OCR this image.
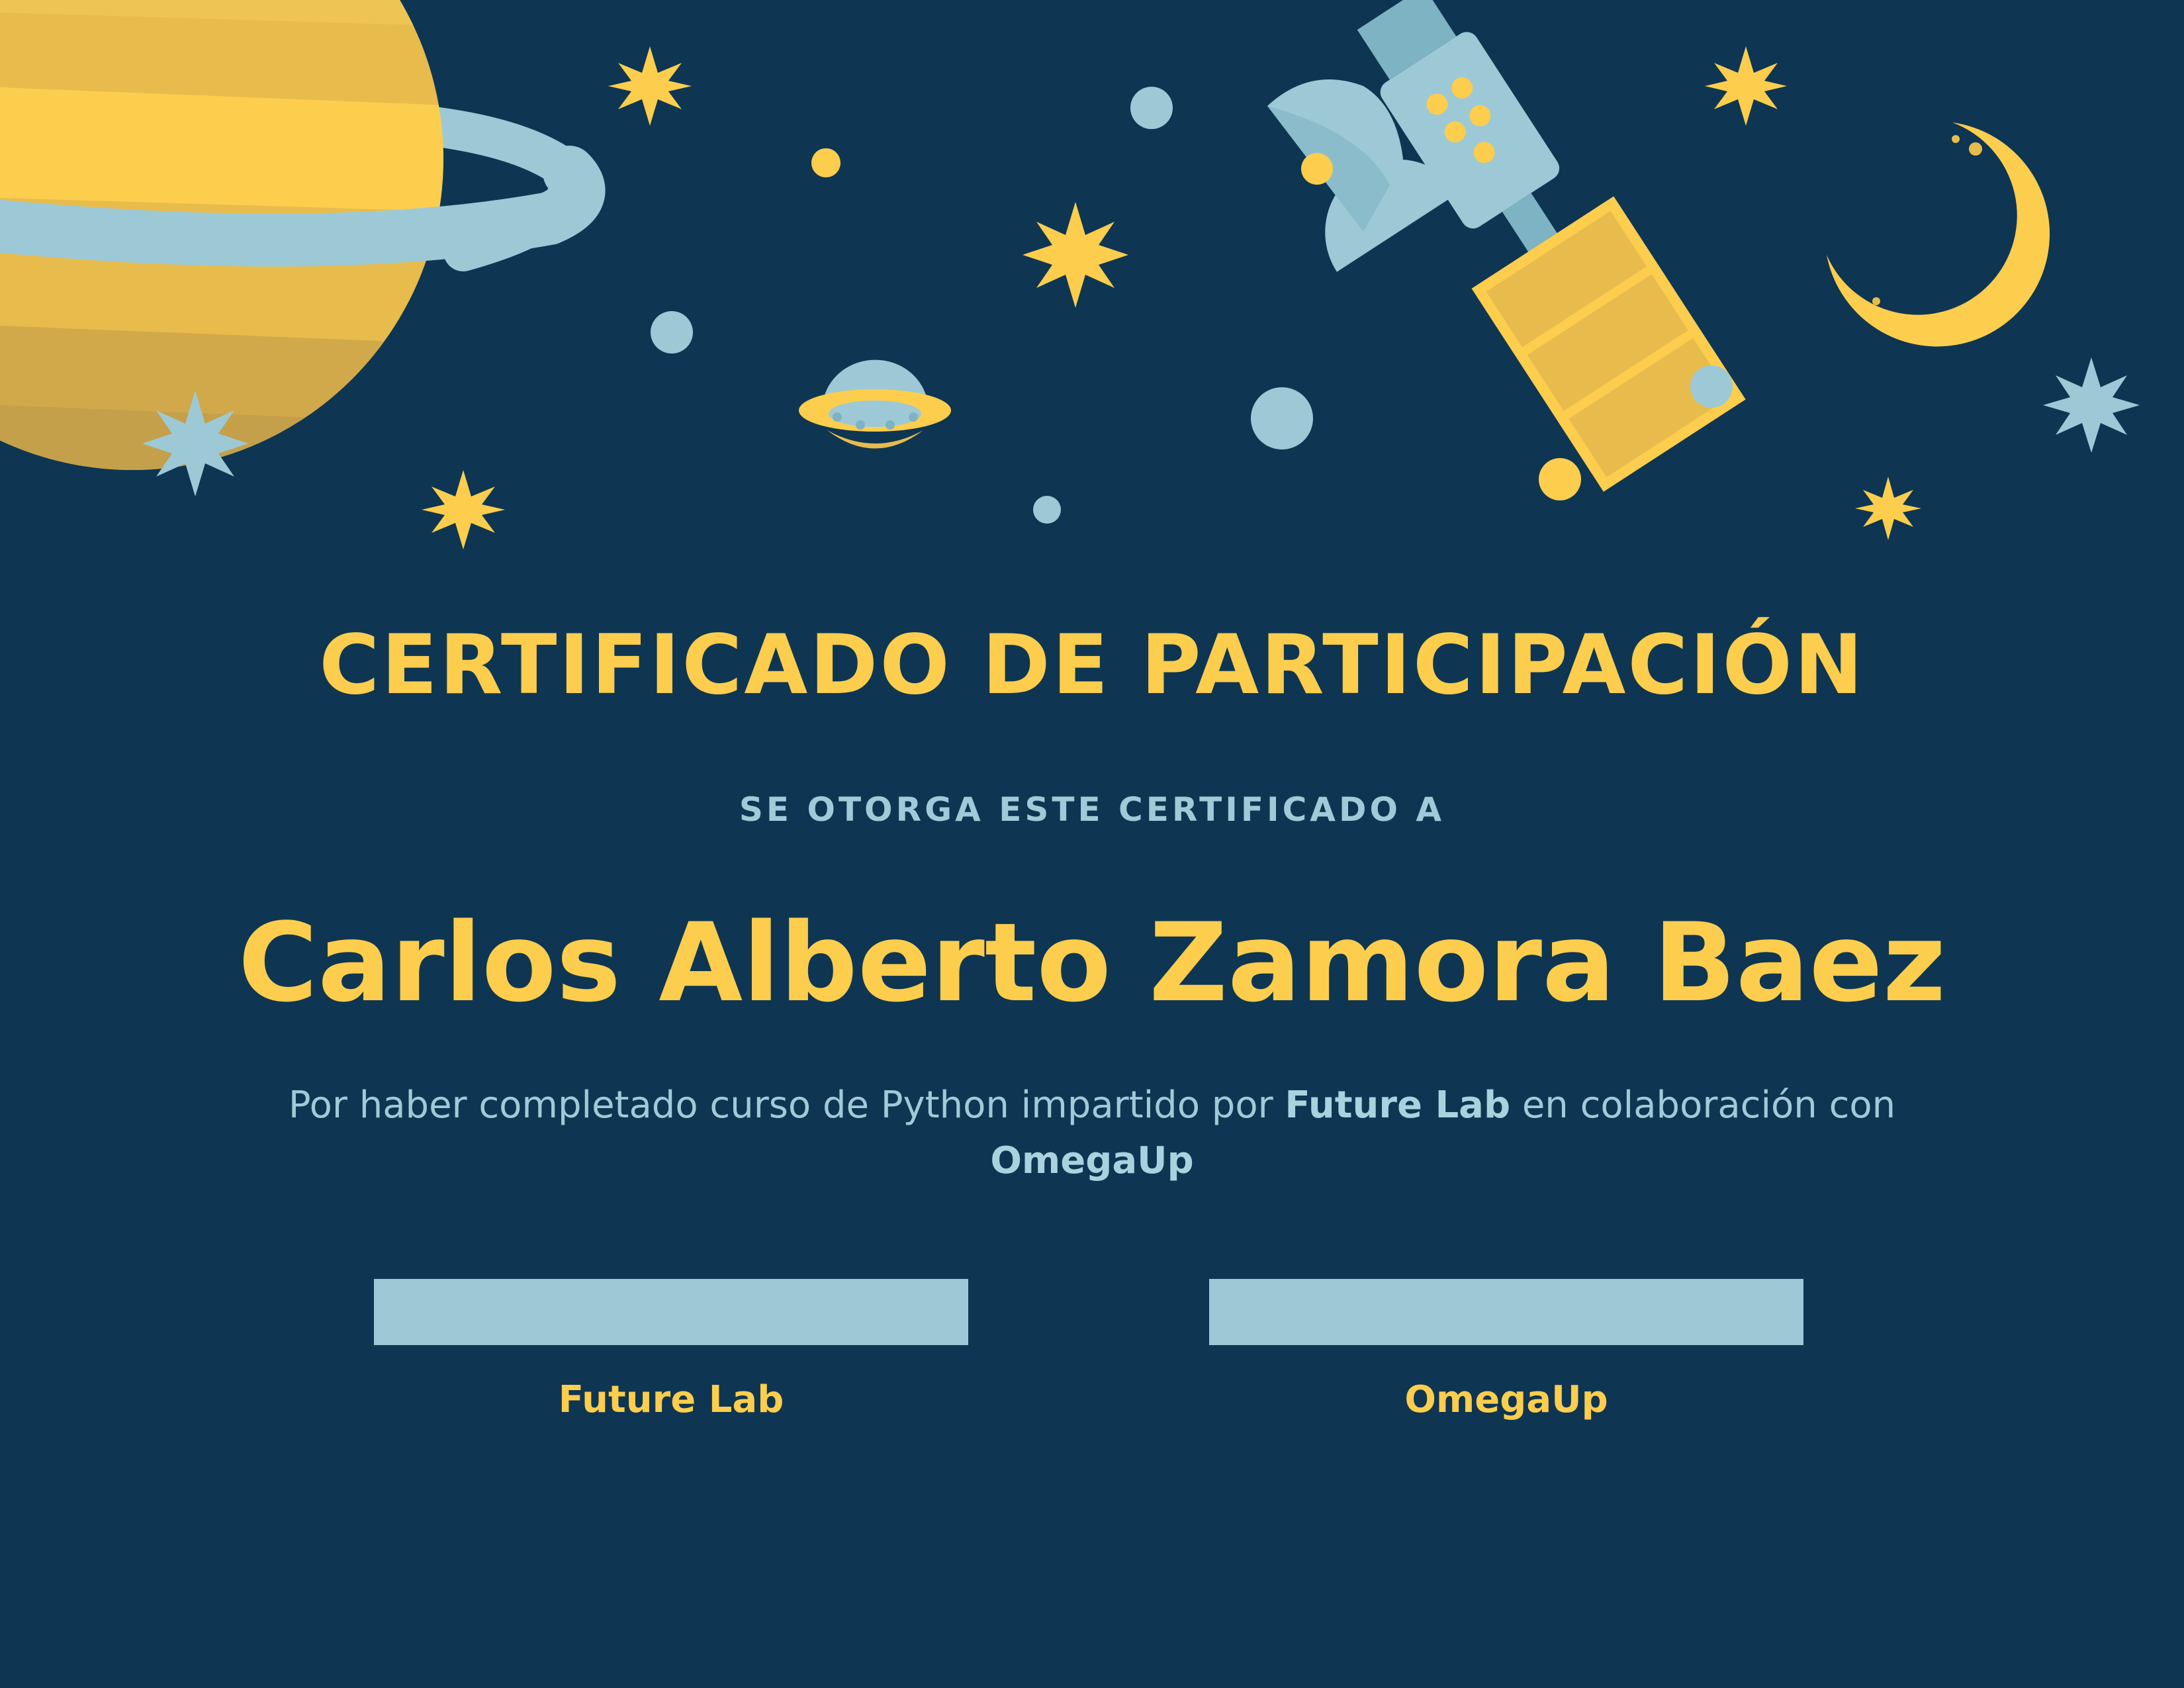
CERTIFICADO DE PARTICIPACIÓN
SE OTORGA ESTE CERTIFICADO A
Carlos Alberto Zamora Baez
Por haber completado curso de Python impartido por Future Lab en colaboración con OmegaUp
Future Lab	OmegaUp
